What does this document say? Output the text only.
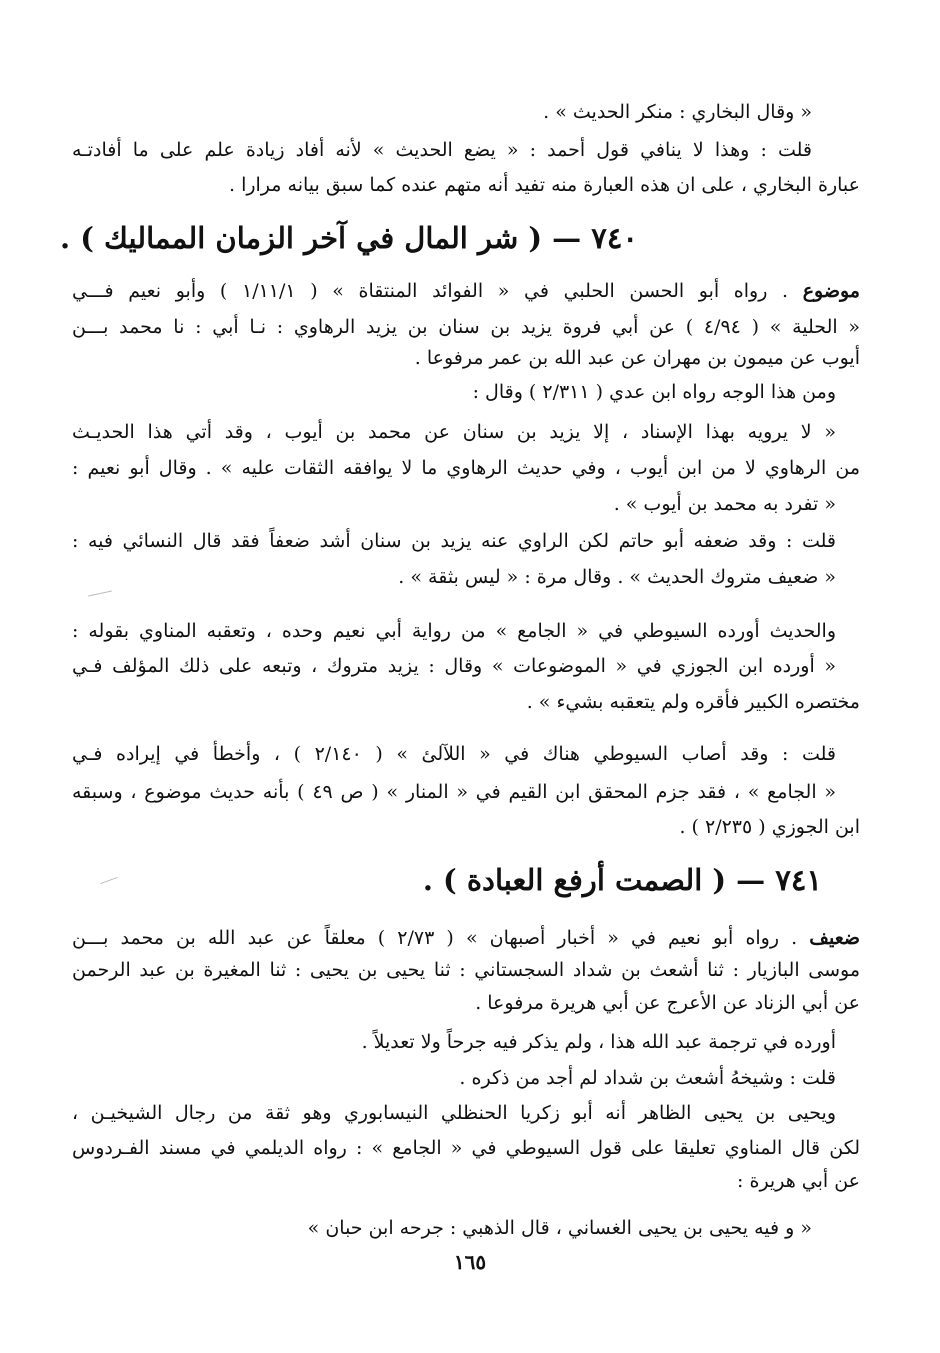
« وقال البخاري : منكر الحديث » .
قلت : وهذا لا ينافي قول أحمد : « يضع الحديث » لأنه أفاد زيادة علم على ما أفادتـه
عبارة البخاري ، على ان هذه العبارة منه تفيد أنه متهم عنده كما سبق بيانه مرارا .
٧٤٠ — ( شر المال في آخر الزمان المماليك ) .
موضوع . رواه أبو الحسن الحلبي في « الفوائد المنتقاة » ( ١/١١/١ ) وأبو نعيم فـــي
« الحلية » ( ٤/٩٤ ) عن أبي فروة يزيد بن سنان بن يزيد الرهاوي : نـا أبي : نا محمد بـــن
أيوب عن ميمون بن مهران عن عبد الله بن عمر مرفوعا .
ومن هذا الوجه رواه ابن عدي ( ٢/٣١١ ) وقال :
« لا يرويه بهذا الإسناد ، إلا يزيد بن سنان عن محمد بن أيوب ، وقد أتي هذا الحديـث
من الرهاوي لا من ابن أيوب ، وفي حديث الرهاوي ما لا يوافقه الثقات عليه » . وقال أبو نعيم :
« تفرد به محمد بن أيوب » .
قلت : وقد ضعفه أبو حاتم لكن الراوي عنه يزيد بن سنان أشد ضعفاً فقد قال النسائي فيه :
« ضعيف متروك الحديث » . وقال مرة : « ليس بثقة » .
والحديث أورده السيوطي في « الجامع » من رواية أبي نعيم وحده ، وتعقبه المناوي بقوله :
« أورده ابن الجوزي في « الموضوعات » وقال : يزيد متروك ، وتبعه على ذلك المؤلف فـي
مختصره الكبير فأقره ولم يتعقبه بشيء » .
قلت : وقد أصاب السيوطي هناك في « اللآلئ » ( ٢/١٤٠ ) ، وأخطأ في إيراده فـي
« الجامع » ، فقد جزم المحقق ابن القيم في « المنار » ( ص ٤٩ ) بأنه حديث موضوع ، وسبقه
ابن الجوزي ( ٢/٢٣٥ ) .
٧٤١ — ( الصمت أرفع العبادة ) .
ضعيف . رواه أبو نعيم في « أخبار أصبهان » ( ٢/٧٣ ) معلقاً عن عبد الله بن محمد بـــن
موسى البازيار : ثنا أشعث بن شداد السجستاني : ثنا يحيى بن يحيى : ثنا المغيرة بن عبد الرحمن
عن أبي الزناد عن الأعرج عن أبي هريرة مرفوعا .
أورده في ترجمة عبد الله هذا ، ولم يذكر فيه جرحاً ولا تعديلاً .
قلت : وشيخهُ أشعث بن شداد لم أجد من ذكره .
ويحيى بن يحيى الظاهر أنه أبو زكريا الحنظلي النيسابوري وهو ثقة من رجال الشيخيـن ،
لكن قال المناوي تعليقا على قول السيوطي في « الجامع » : رواه الديلمي في مسند الفـردوس
عن أبي هريرة :
« و فيه يحيى بن يحيى الغساني ، قال الذهبي : جرحه ابن حبان »
١٦٥
